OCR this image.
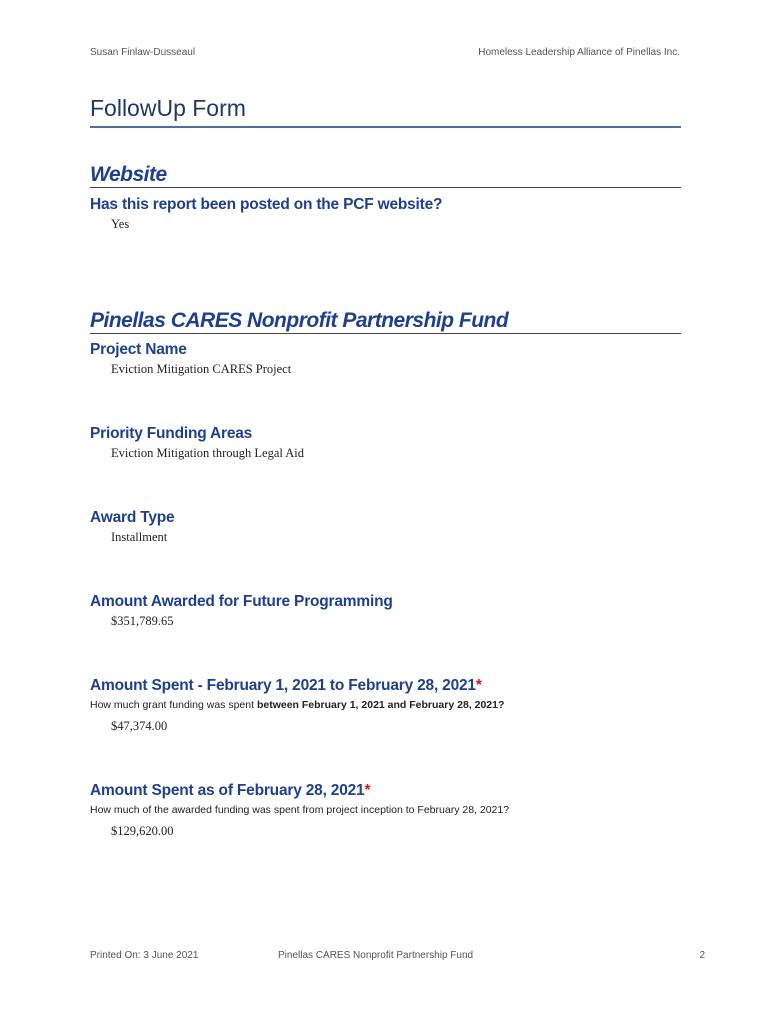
Susan Finlaw-Dusseaul	Homeless Leadership Alliance of Pinellas Inc.
FollowUp Form
Website
Has this report been posted on the PCF website?
Yes
Pinellas CARES Nonprofit Partnership Fund
Project Name
Eviction Mitigation CARES Project
Priority Funding Areas
Eviction Mitigation through Legal Aid
Award Type
Installment
Amount Awarded for Future Programming
$351,789.65
Amount Spent - February 1, 2021 to February 28, 2021*
How much grant funding was spent between February 1, 2021 and February 28, 2021?
$47,374.00
Amount Spent as of February 28, 2021*
How much of the awarded funding was spent from project inception to February 28, 2021?
$129,620.00
Printed On: 3 June 2021	Pinellas CARES Nonprofit Partnership Fund	2
